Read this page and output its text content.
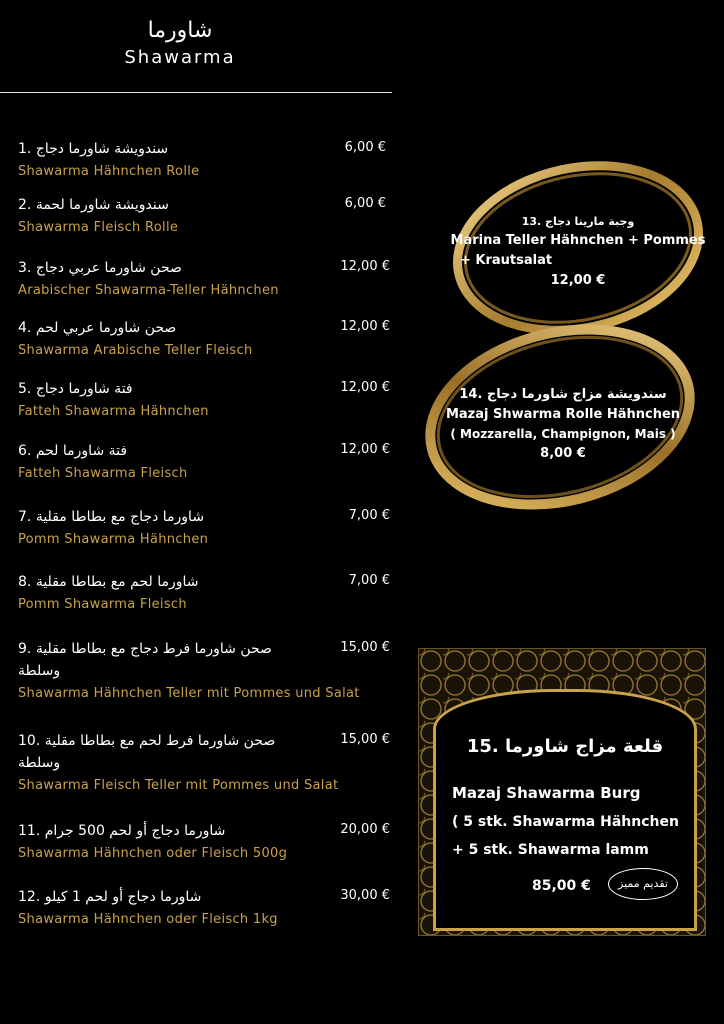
شاورما
Shawarma
سندويشة شاورما دجاج .1
Shawarma Hähnchen Rolle
6,00 €
سندويشة شاورما لحمة .2
Shawarma Fleisch Rolle
6,00 €
صحن شاورما عربي دجاج .3
Arabischer Shawarma-Teller Hähnchen
12,00 €
صحن شاورما عربي لحم .4
Shawarma Arabische Teller Fleisch
12,00 €
فتة شاورما دجاج .5
Fatteh Shawarma Hähnchen
12,00 €
فتة شاورما لحم .6
Fatteh Shawarma Fleisch
12,00 €
شاورما دجاج مع بطاطا مقلية .7
Pomm Shawarma Hähnchen
7,00 €
شاورما لحم مع بطاطا مقلية .8
Pomm Shawarma Fleisch
7,00 €
صحن شاورما فرط دجاج مع بطاطا مقلية .9 وسلطة
Shawarma Hähnchen Teller mit Pommes und Salat
15,00 €
صحن شاورما فرط لحم مع بطاطا مقلية .10 وسلطة
Shawarma Fleisch Teller mit Pommes und Salat
15,00 €
شاورما دجاج أو لحم 500 جرام .11
Shawarma Hähnchen oder Fleisch 500g
20,00 €
شاورما دجاج أو لحم 1 كيلو .12
Shawarma Hähnchen oder Fleisch 1kg
30,00 €
وجبة مارينا دجاج .13
Marina Teller Hähnchen + Pommes
+ Krautsalat
12,00 €
سندويشة مزاج شاورما دجاج .14
Mazaj Shwarma Rolle Hähnchen
( Mozzarella, Champignon, Mais )
8,00 €
قلعة مزاج شاورما .15
Mazaj Shawarma Burg
( 5 stk. Shawarma Hähnchen
+ 5 stk. Shawarma lamm
85,00 €	تقديم مميز
